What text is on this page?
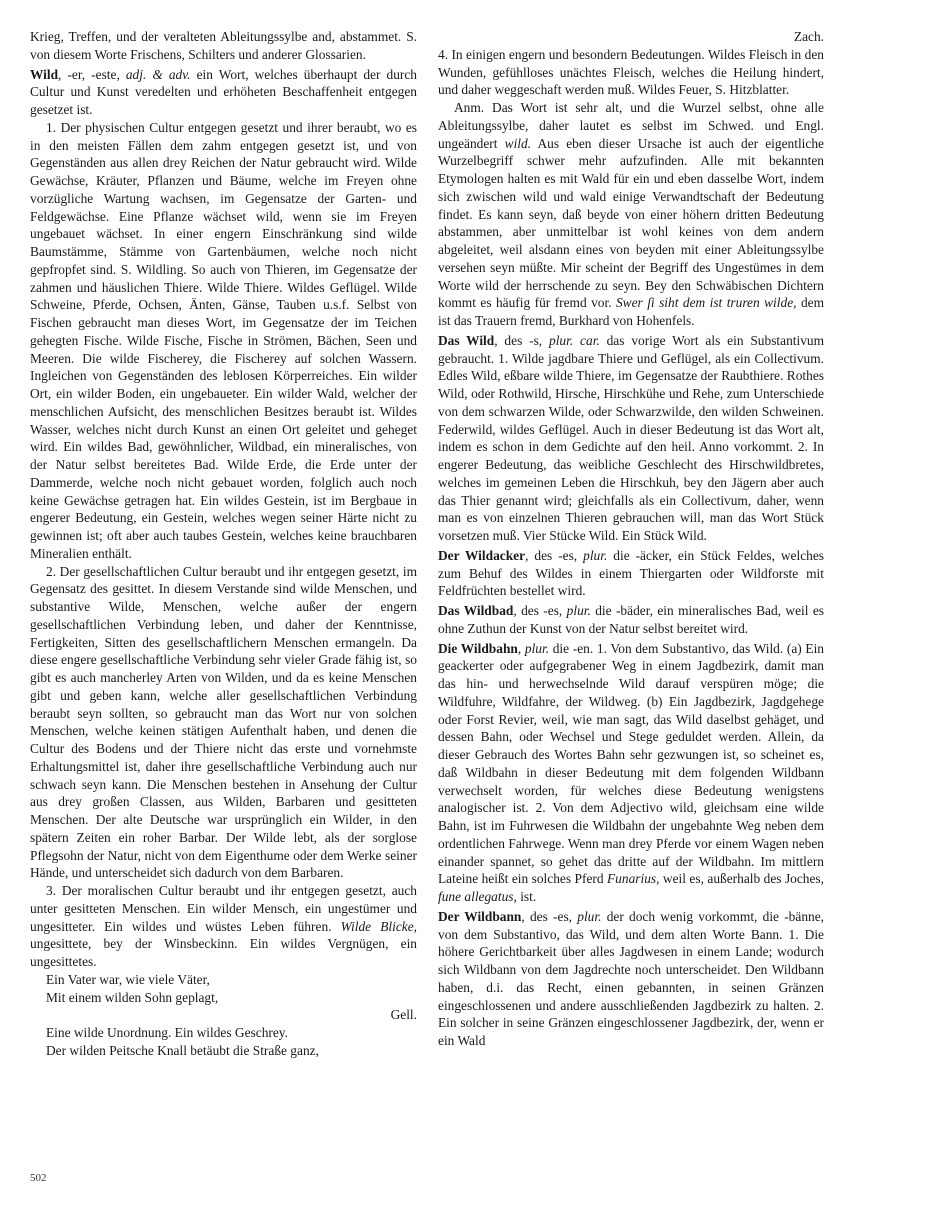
Krieg, Treffen, und der veralteten Ableitungssylbe and, abstammet. S. von diesem Worte Frischens, Schilters und anderer Glossarien.

Wild, -er, -este, adj. & adv. ein Wort, welches überhaupt der durch Cultur und Kunst veredelten und erhöheten Beschaffenheit entgegen gesetzet ist.

1. Der physischen Cultur entgegen gesetzt und ihrer beraubt, wo es in den meisten Fällen dem zahm entgegen gesetzt ist, und von Gegenständen aus allen drey Reichen der Natur gebraucht wird. Wilde Gewächse, Kräuter, Pflanzen und Bäume, welche im Freyen ohne vorzügliche Wartung wachsen, im Gegensatze der Garten- und Feldgewächse. Eine Pflanze wächset wild, wenn sie im Freyen ungebauet wächset. In einer engern Einschränkung sind wilde Baumstämme, Stämme von Gartenbäumen, welche noch nicht gepfropfet sind. S. Wildling. So auch von Thieren, im Gegensatze der zahmen und häuslichen Thiere. Wilde Thiere. Wildes Geflügel. Wilde Schweine, Pferde, Ochsen, Änten, Gänse, Tauben u.s.f. Selbst von Fischen gebraucht man dieses Wort, im Gegensatze der im Teichen gehegten Fische. Wilde Fische, Fische in Strömen, Bächen, Seen und Meeren. Die wilde Fischerey, die Fischerey auf solchen Wassern. Ingleichen von Gegenständen des leblosen Körperreiches. Ein wilder Ort, ein wilder Boden, ein ungebaueter. Ein wilder Wald, welcher der menschlichen Aufsicht, des menschlichen Besitzes beraubt ist. Wildes Wasser, welches nicht durch Kunst an einen Ort geleitet und geheget wird. Ein wildes Bad, gewöhnlicher, Wildbad, ein mineralisches, von der Natur selbst bereitetes Bad. Wilde Erde, die Erde unter der Dammerde, welche noch nicht gebauet worden, folglich auch noch keine Gewächse getragen hat. Ein wildes Gestein, ist im Bergbaue in engerer Bedeutung, ein Gestein, welches wegen seiner Härte nicht zu gewinnen ist; oft aber auch taubes Gestein, welches keine brauchbaren Mineralien enthält.

2. Der gesellschaftlichen Cultur beraubt und ihr entgegen gesetzt, im Gegensatz des gesittet. In diesem Verstande sind wilde Menschen, und substantive Wilde, Menschen, welche außer der engern gesellschaftlichen Verbindung leben, und daher der Kenntnisse, Fertigkeiten, Sitten des gesellschaftlichern Menschen ermangeln. Da diese engere gesellschaftliche Verbindung sehr vieler Grade fähig ist, so gibt es auch mancherley Arten von Wilden, und da es keine Menschen gibt und geben kann, welche aller gesellschaftlichen Verbindung beraubt seyn sollten, so gebraucht man das Wort nur von solchen Menschen, welche keinen stätigen Aufenthalt haben, und denen die Cultur des Bodens und der Thiere nicht das erste und vornehmste Erhaltungsmittel ist, daher ihre gesellschaftliche Verbindung auch nur schwach seyn kann. Die Menschen bestehen in Ansehung der Cultur aus drey großen Classen, aus Wilden, Barbaren und gesitteten Menschen. Der alte Deutsche war ursprünglich ein Wilder, in den spätern Zeiten ein roher Barbar. Der Wilde lebt, als der sorglose Pflegsohn der Natur, nicht von dem Eigenthume oder dem Werke seiner Hände, und unterscheidet sich dadurch von dem Barbaren.

3. Der moralischen Cultur beraubt und ihr entgegen gesetzt, auch unter gesitteten Menschen. Ein wilder Mensch, ein ungestümer und ungesitteter. Ein wildes und wüstes Leben führen. Wilde Blicke, ungesittete, bey der Winsbeckinn. Ein wildes Vergnügen, ein ungesittetes.

Ein Vater war, wie viele Väter,

Mit einem wilden Sohn geplagt,

Gell.

Eine wilde Unordnung. Ein wildes Geschrey.

Der wilden Peitsche Knall betäubt die Straße ganz,

Zach.

4. In einigen engern und besondern Bedeutungen. Wildes Fleisch in den Wunden, gefühlloses unächtes Fleisch, welches die Heilung hindert, und daher weggeschaft werden muß. Wildes Feuer, S. Hitzblatter.

Anm. Das Wort ist sehr alt, und die Wurzel selbst, ohne alle Ableitungssylbe, daher lautet es selbst im Schwed. und Engl. ungeändert wild. Aus eben dieser Ursache ist auch der eigentliche Wurzelbegriff schwer mehr aufzufinden. Alle mit bekannten Etymologen halten es mit Wald für ein und eben dasselbe Wort, indem sich zwischen wild und wald einige Verwandtschaft der Bedeutung findet. Es kann seyn, daß beyde von einer höhern dritten Bedeutung abstammen, aber unmittelbar ist wohl keines von dem andern abgeleitet, weil alsdann eines von beyden mit einer Ableitungssylbe versehen seyn müßte. Mir scheint der Begriff des Ungestümes in dem Worte wild der herrschende zu seyn. Bey den Schwäbischen Dichtern kommt es häufig für fremd vor. Swer ſi siht dem ist truren wilde, dem ist das Trauern fremd, Burkhard von Hohenfels.

Das Wild, des -s, plur. car. das vorige Wort als ein Substantivum gebraucht. 1. Wilde jagdbare Thiere und Geflügel, als ein Collectivum. Edles Wild, eßbare wilde Thiere, im Gegensatze der Raubthiere. Rothes Wild, oder Rothwild, Hirsche, Hirschkühe und Rehe, zum Unterschiede von dem schwarzen Wilde, oder Schwarzwilde, den wilden Schweinen. Federwild, wildes Geflügel. Auch in dieser Bedeutung ist das Wort alt, indem es schon in dem Gedichte auf den heil. Anno vorkommt. 2. In engerer Bedeutung, das weibliche Geschlecht des Hirschwildbretes, welches im gemeinen Leben die Hirschkuh, bey den Jägern aber auch das Thier genannt wird; gleichfalls als ein Collectivum, daher, wenn man es von einzelnen Thieren gebrauchen will, man das Wort Stück vorsetzen muß. Vier Stücke Wild. Ein Stück Wild.

Der Wildacker, des -es, plur. die -äcker, ein Stück Feldes, welches zum Behuf des Wildes in einem Thiergarten oder Wildforste mit Feldfrüchten bestellet wird.

Das Wildbad, des -es, plur. die -bäder, ein mineralisches Bad, weil es ohne Zuthun der Kunst von der Natur selbst bereitet wird.

Die Wildbahn, plur. die -en. 1. Von dem Substantivo, das Wild. (a) Ein geackerter oder aufgegrabener Weg in einem Jagdbezirk, damit man das hin- und herwechselnde Wild darauf verspüren möge; die Wildfuhre, Wildfahre, der Wildweg. (b) Ein Jagdbezirk, Jagdgehege oder Forst Revier, weil, wie man sagt, das Wild daselbst gehäget, und dessen Bahn, oder Wechsel und Stege geduldet werden. Allein, da dieser Gebrauch des Wortes Bahn sehr gezwungen ist, so scheinet es, daß Wildbahn in dieser Bedeutung mit dem folgenden Wildbann verwechselt worden, für welches diese Bedeutung wenigstens analogischer ist. 2. Von dem Adjectivo wild, gleichsam eine wilde Bahn, ist im Fuhrwesen die Wildbahn der ungebahnte Weg neben dem ordentlichen Fahrwege. Wenn man drey Pferde vor einem Wagen neben einander spannet, so gehet das dritte auf der Wildbahn. Im mittlern Lateine heißt ein solches Pferd Funarius, weil es, außerhalb des Joches, fune allegatus, ist.

Der Wildbann, des -es, plur. der doch wenig vorkommt, die -bänne, von dem Substantivo, das Wild, und dem alten Worte Bann. 1. Die höhere Gerichtbarkeit über alles Jagdwesen in einem Lande; wodurch sich Wildbann von dem Jagdrechte noch unterscheidet. Den Wildbann haben, d.i. das Recht, einen gebannten, in seinen Gränzen eingeschlossenen und andere ausschließenden Jagdbezirk zu halten. 2. Ein solcher in seine Gränzen eingeschlossener Jagdbezirk, der, wenn er ein Wald

502
